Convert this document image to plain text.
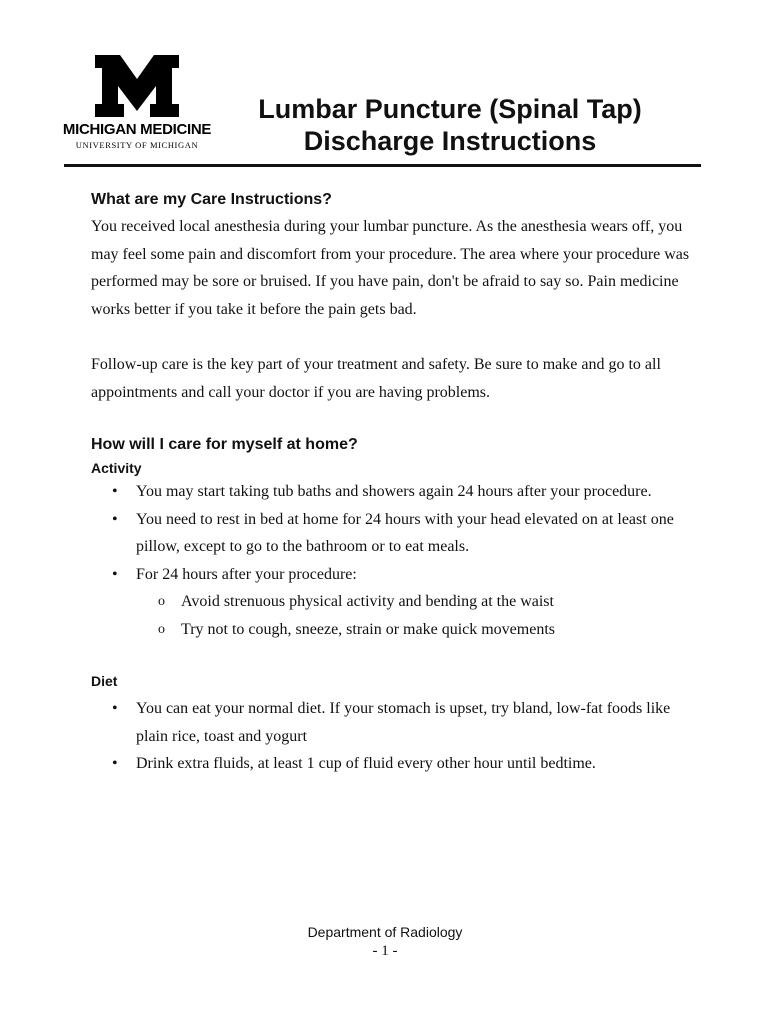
MICHIGAN MEDICINE
UNIVERSITY OF MICHIGAN
Lumbar Puncture (Spinal Tap)
Discharge Instructions
What are my Care Instructions?

You received local anesthesia during your lumbar puncture. As the anesthesia wears off, you may feel some pain and discomfort from your procedure. The area where your procedure was performed may be sore or bruised. If you have pain, don't be afraid to say so. Pain medicine works better if you take it before the pain gets bad.

Follow-up care is the key part of your treatment and safety. Be sure to make and go to all appointments and call your doctor if you are having problems.

How will I care for myself at home?
Activity
• You may start taking tub baths and showers again 24 hours after your procedure.
• You need to rest in bed at home for 24 hours with your head elevated on at least one pillow, except to go to the bathroom or to eat meals.
• For 24 hours after your procedure:
o Avoid strenuous physical activity and bending at the waist
o Try not to cough, sneeze, strain or make quick movements
Diet
• You can eat your normal diet. If your stomach is upset, try bland, low-fat foods like plain rice, toast and yogurt
• Drink extra fluids, at least 1 cup of fluid every other hour until bedtime.
Department of Radiology
- 1 -
